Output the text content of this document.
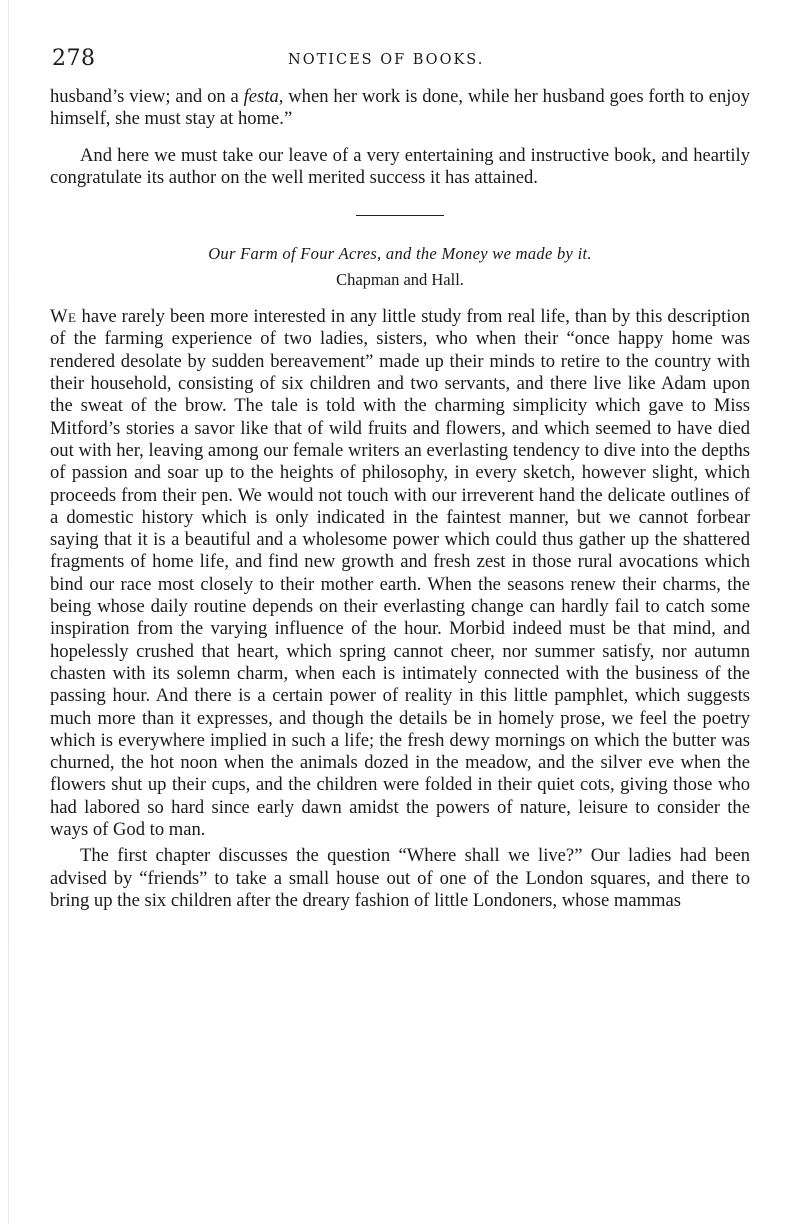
278	NOTICES OF BOOKS.

husband’s view; and on a festa, when her work is done, while her husband goes forth to enjoy himself, she must stay at home.”

And here we must take our leave of a very entertaining and instructive book, and heartily congratulate its author on the well merited success it has attained.

Our Farm of Four Acres, and the Money we made by it.
Chapman and Hall.

We have rarely been more interested in any little study from real life, than by this description of the farming experience of two ladies, sisters, who when their “once happy home was rendered desolate by sudden bereavement” made up their minds to retire to the country with their household, consisting of six children and two servants, and there live like Adam upon the sweat of the brow. The tale is told with the charming simplicity which gave to Miss Mitford’s stories a savor like that of wild fruits and flowers, and which seemed to have died out with her, leaving among our female writers an everlasting tendency to dive into the depths of passion and soar up to the heights of philosophy, in every sketch, however slight, which proceeds from their pen. We would not touch with our irreverent hand the delicate outlines of a domestic history which is only indicated in the faintest manner, but we cannot forbear saying that it is a beautiful and a wholesome power which could thus gather up the shattered fragments of home life, and find new growth and fresh zest in those rural avocations which bind our race most closely to their mother earth. When the seasons renew their charms, the being whose daily routine depends on their everlasting change can hardly fail to catch some inspiration from the varying influence of the hour. Morbid indeed must be that mind, and hopelessly crushed that heart, which spring cannot cheer, nor summer satisfy, nor autumn chasten with its solemn charm, when each is intimately connected with the business of the passing hour. And there is a certain power of reality in this little pamphlet, which suggests much more than it expresses, and though the details be in homely prose, we feel the poetry which is everywhere implied in such a life; the fresh dewy mornings on which the butter was churned, the hot noon when the animals dozed in the meadow, and the silver eve when the flowers shut up their cups, and the children were folded in their quiet cots, giving those who had labored so hard since early dawn amidst the powers of nature, leisure to consider the ways of God to man.

The first chapter discusses the question “Where shall we live?” Our ladies had been advised by “friends” to take a small house out of one of the London squares, and there to bring up the six children after the dreary fashion of little Londoners, whose mammas
